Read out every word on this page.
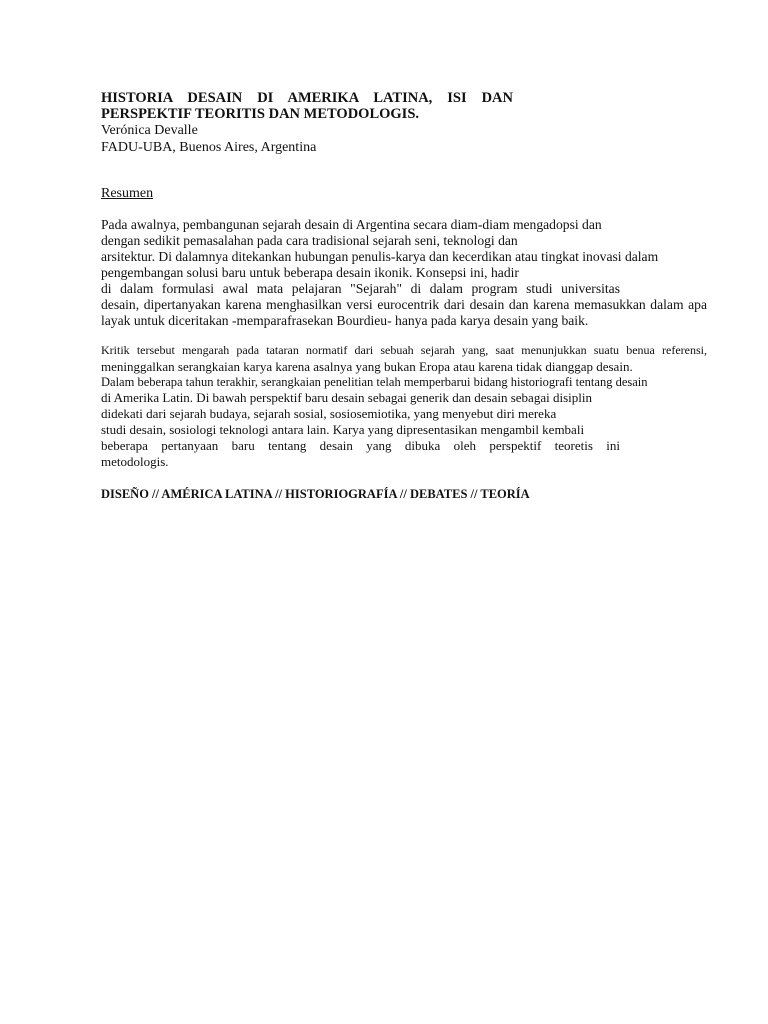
HISTORIA DESAIN DI AMERIKA LATINA, ISI DAN
PERSPEKTIF TEORITIS DAN METODOLOGIS.
Verónica Devalle
FADU-UBA, Buenos Aires, Argentina
Resumen
Pada awalnya, pembangunan sejarah desain di Argentina secara diam-diam mengadopsi dan
dengan sedikit pemasalahan pada cara tradisional sejarah seni, teknologi dan
arsitektur. Di dalamnya ditekankan hubungan penulis-karya dan kecerdikan atau tingkat inovasi dalam
pengembangan solusi baru untuk beberapa desain ikonik. Konsepsi ini, hadir
di dalam formulasi awal mata pelajaran "Sejarah" di dalam program studi universitas
desain, dipertanyakan karena menghasilkan versi eurocentrik dari desain dan karena memasukkan dalam apa
layak untuk diceritakan -memparafrasekan Bourdieu- hanya pada karya desain yang baik.
Kritik tersebut mengarah pada tataran normatif dari sebuah sejarah yang, saat menunjukkan suatu benua referensi,
meninggalkan serangkaian karya karena asalnya yang bukan Eropa atau karena tidak dianggap desain.
Dalam beberapa tahun terakhir, serangkaian penelitian telah memperbarui bidang historiografi tentang desain
di Amerika Latin. Di bawah perspektif baru desain sebagai generik dan desain sebagai disiplin
didekati dari sejarah budaya, sejarah sosial, sosiosemiotika, yang menyebut diri mereka
studi desain, sosiologi teknologi antara lain. Karya yang dipresentasikan mengambil kembali
beberapa pertanyaan baru tentang desain yang dibuka oleh perspektif teoretis ini
metodologis.
DISEÑO // AMÉRICA LATINA // HISTORIOGRAFÍA // DEBATES // TEORÍA
